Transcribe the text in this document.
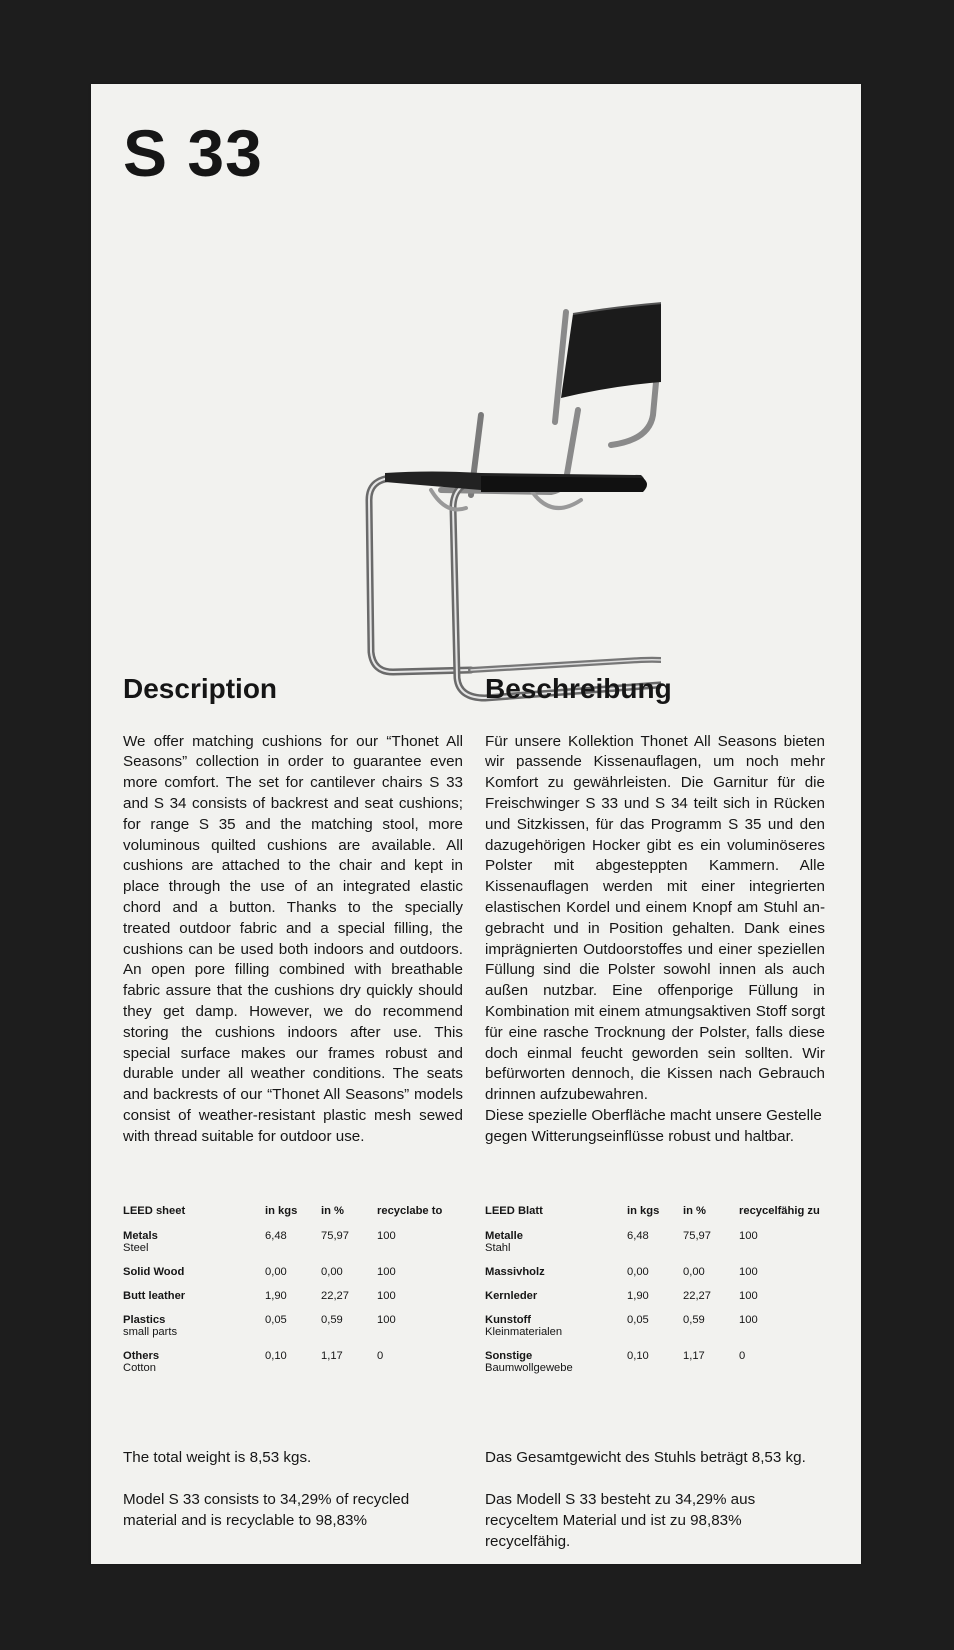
S 33
Description

We offer matching cushions for our “Thonet All Seasons” collection in order to guarantee even more comfort. The set for cantilever chairs S 33 and S 34 consists of backrest and seat cushions; for range S 35 and the matching stool, more voluminous quilted cushions are available. All cushions are attached to the chair and kept in place through the use of an integrated elastic chord and a button. Thanks to the specially treated outdoor fabric and a special filling, the cushions can be used both indoors and outdoors. An open pore filling combined with breathable fabric assure that the cushions dry quickly should they get damp. However, we do recommend storing the cushions indoors after use. This special surface makes our frames robust and durable under all weather conditions. The seats and backrests of our “Thonet All Seasons” models consist of weather-resistant plastic mesh sewed with thread suitable for outdoor use.

Beschreibung

Für unsere Kollektion Thonet All Seasons bieten wir passende Kissenauflagen, um noch mehr Komfort zu gewährleisten. Die Garnitur für die Freischwinger S 33 und S 34 teilt sich in Rücken und Sitzkissen, für das Programm S 35 und den dazugehörigen Hocker gibt es ein voluminöseres Polster mit abgesteppten Kammern. Alle Kissenauflagen werden mit einer integrierten elastischen Kordel und einem Knopf am Stuhl an-gebracht und in Position gehalten. Dank eines imprägnierten Outdoorstoffes und einer speziellen Füllung sind die Polster sowohl innen als auch außen nutzbar. Eine offenporige Füllung in Kombination mit einem atmungsaktiven Stoff sorgt für eine rasche Trocknung der Polster, falls diese doch einmal feucht geworden sein sollten. Wir befürworten dennoch, die Kissen nach Gebrauch drinnen aufzubewahren.

Diese spezielle Oberfläche macht unsere Gestelle gegen Witterungseinflüsse robust und haltbar.

LEED sheet	in kgs	in %	recyclabe to

Metals
Steel	6,48	75,97	100

Solid Wood	0,00	0,00	100

Butt leather	1,90	22,27	100

Plastics
small parts	0,05	0,59	100

Others
Cotton	0,10	1,17	0
LEED Blatt	in kgs	in %	recycelfähig zu

Metalle
Stahl	6,48	75,97	100

Massivholz	0,00	0,00	100

Kernleder	1,90	22,27	100

Kunstoff
Kleinmaterialen	0,05	0,59	100

Sonstige
Baumwollgewebe	0,10	1,17	0
The total weight is 8,53 kgs.
Model S 33 consists to 34,29% of recycled material and is recyclable to 98,83%
Das Gesamtgewicht des Stuhls beträgt 8,53 kg.
Das Modell S 33 besteht zu 34,29% aus recyceltem Material und ist zu 98,83% recycelfähig.
